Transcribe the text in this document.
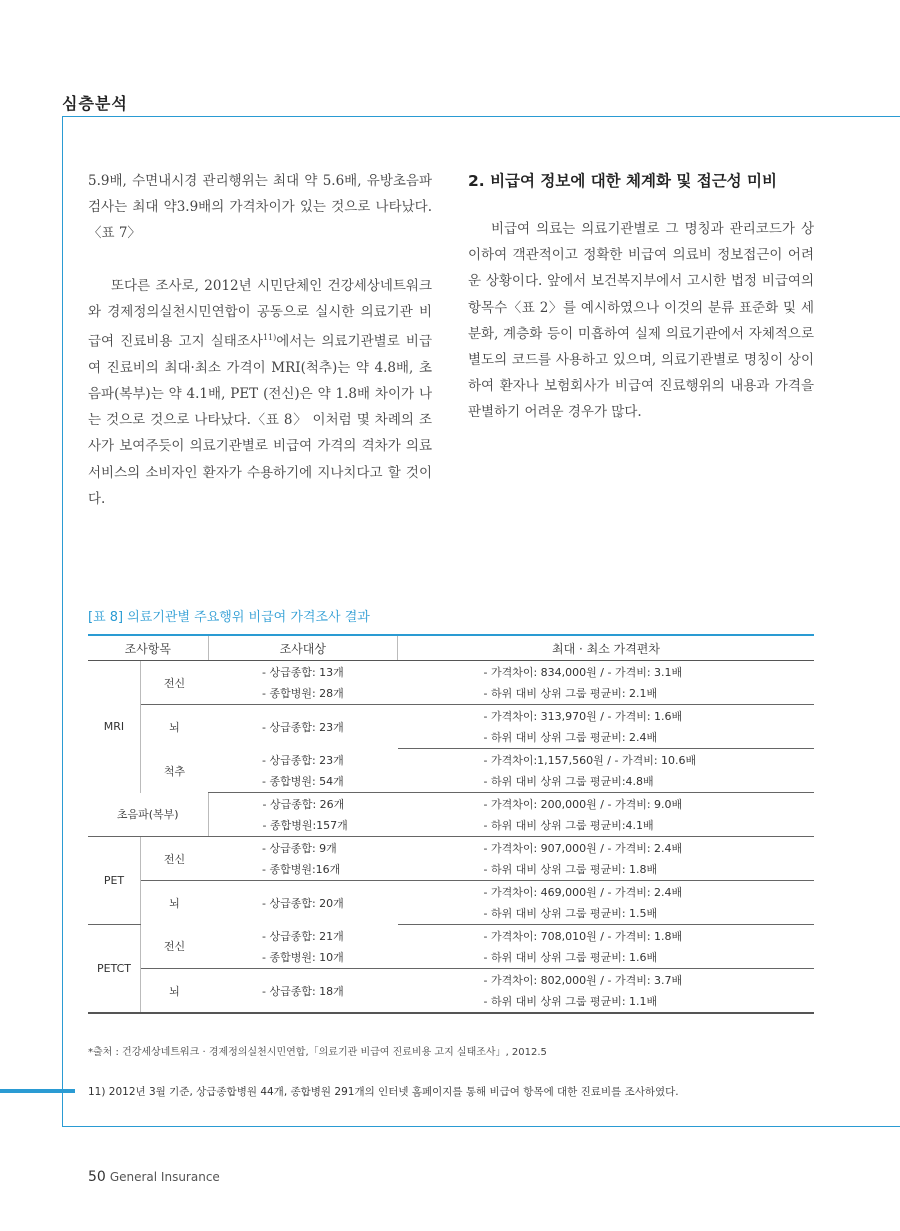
심층분석

5.9배, 수면내시경 관리행위는 최대 약 5.6배, 유방초음파 검사는 최대 약3.9배의 가격차이가 있는 것으로 나타났다.〈표 7〉

또다른 조사로, 2012년 시민단체인 건강세상네트워크와 경제정의실천시민연합이 공동으로 실시한 의료기관 비급여 진료비용 고지 실태조사$^{11)}$에서는 의료기관별로 비급여 진료비의 최대·최소 가격이 MRI(척추)는 약 4.8배, 초음파(복부)는 약 4.1배, PET (전신)은 약 1.8배 차이가 나는 것으로 것으로 나타났다.〈표 8〉 이처럼 몇 차례의 조사가 보여주듯이 의료기관별로 비급여 가격의 격차가 의료서비스의 소비자인 환자가 수용하기에 지나치다고 할 것이다.

2. 비급여 정보에 대한 체계화 및 접근성 미비

비급여 의료는 의료기관별로 그 명칭과 관리코드가 상이하여 객관적이고 정확한 비급여 의료비 정보접근이 어려운 상황이다. 앞에서 보건복지부에서 고시한 법정 비급여의 항목수〈표 2〉를 예시하였으나 이것의 분류 표준화 및 세분화, 계층화 등이 미흡하여 실제 의료기관에서 자체적으로 별도의 코드를 사용하고 있으며, 의료기관별로 명칭이 상이하여 환자나 보험회사가 비급여 진료행위의 내용과 가격을 판별하기 어려운 경우가 많다.

[표 8] 의료기관별 주요행위 비급여 가격조사 결과
조사항목		조사대상	최대 · 최소 가격편차
MRI	전신	- 상급종합: 13개	- 가격차이: 834,000원 / - 가격비: 3.1배
		- 종합병원: 28개	- 하위 대비 상위 그룹 평균비: 2.1배
	뇌	- 상급종합: 23개	- 가격차이: 313,970원 / - 가격비: 1.6배
			- 하위 대비 상위 그룹 평균비: 2.4배
	척추	- 상급종합: 23개	- 가격차이:1,157,560원 / - 가격비: 10.6배
		- 종합병원: 54개	- 하위 대비 상위 그룹 평균비:4.8배
초음파(복부)		- 상급종합: 26개	- 가격차이: 200,000원 / - 가격비: 9.0배
		- 종합병원:157개	- 하위 대비 상위 그룹 평균비:4.1배
PET	전신	- 상급종합: 9개	- 가격차이: 907,000원 / - 가격비: 2.4배
		- 종합병원:16개	- 하위 대비 상위 그룹 평균비: 1.8배
	뇌	- 상급종합: 20개	- 가격차이: 469,000원 / - 가격비: 2.4배
			- 하위 대비 상위 그룹 평균비: 1.5배
PETCT	전신	- 상급종합: 21개	- 가격차이: 708,010원 / - 가격비: 1.8배
		- 종합병원: 10개	- 하위 대비 상위 그룹 평균비: 1.6배
	뇌	- 상급종합: 18개	- 가격차이: 802,000원 / - 가격비: 3.7배
			- 하위 대비 상위 그룹 평균비: 1.1배
*출처 : 건강세상네트워크 · 경제정의실천시민연합,「의료기관 비급여 진료비용 고지 실태조사」, 2012.5
11) 2012년 3월 기준, 상급종합병원 44개, 종합병원 291개의 인터넷 홈페이지를 통해 비급여 항목에 대한 진료비를 조사하였다.
50 General Insurance
